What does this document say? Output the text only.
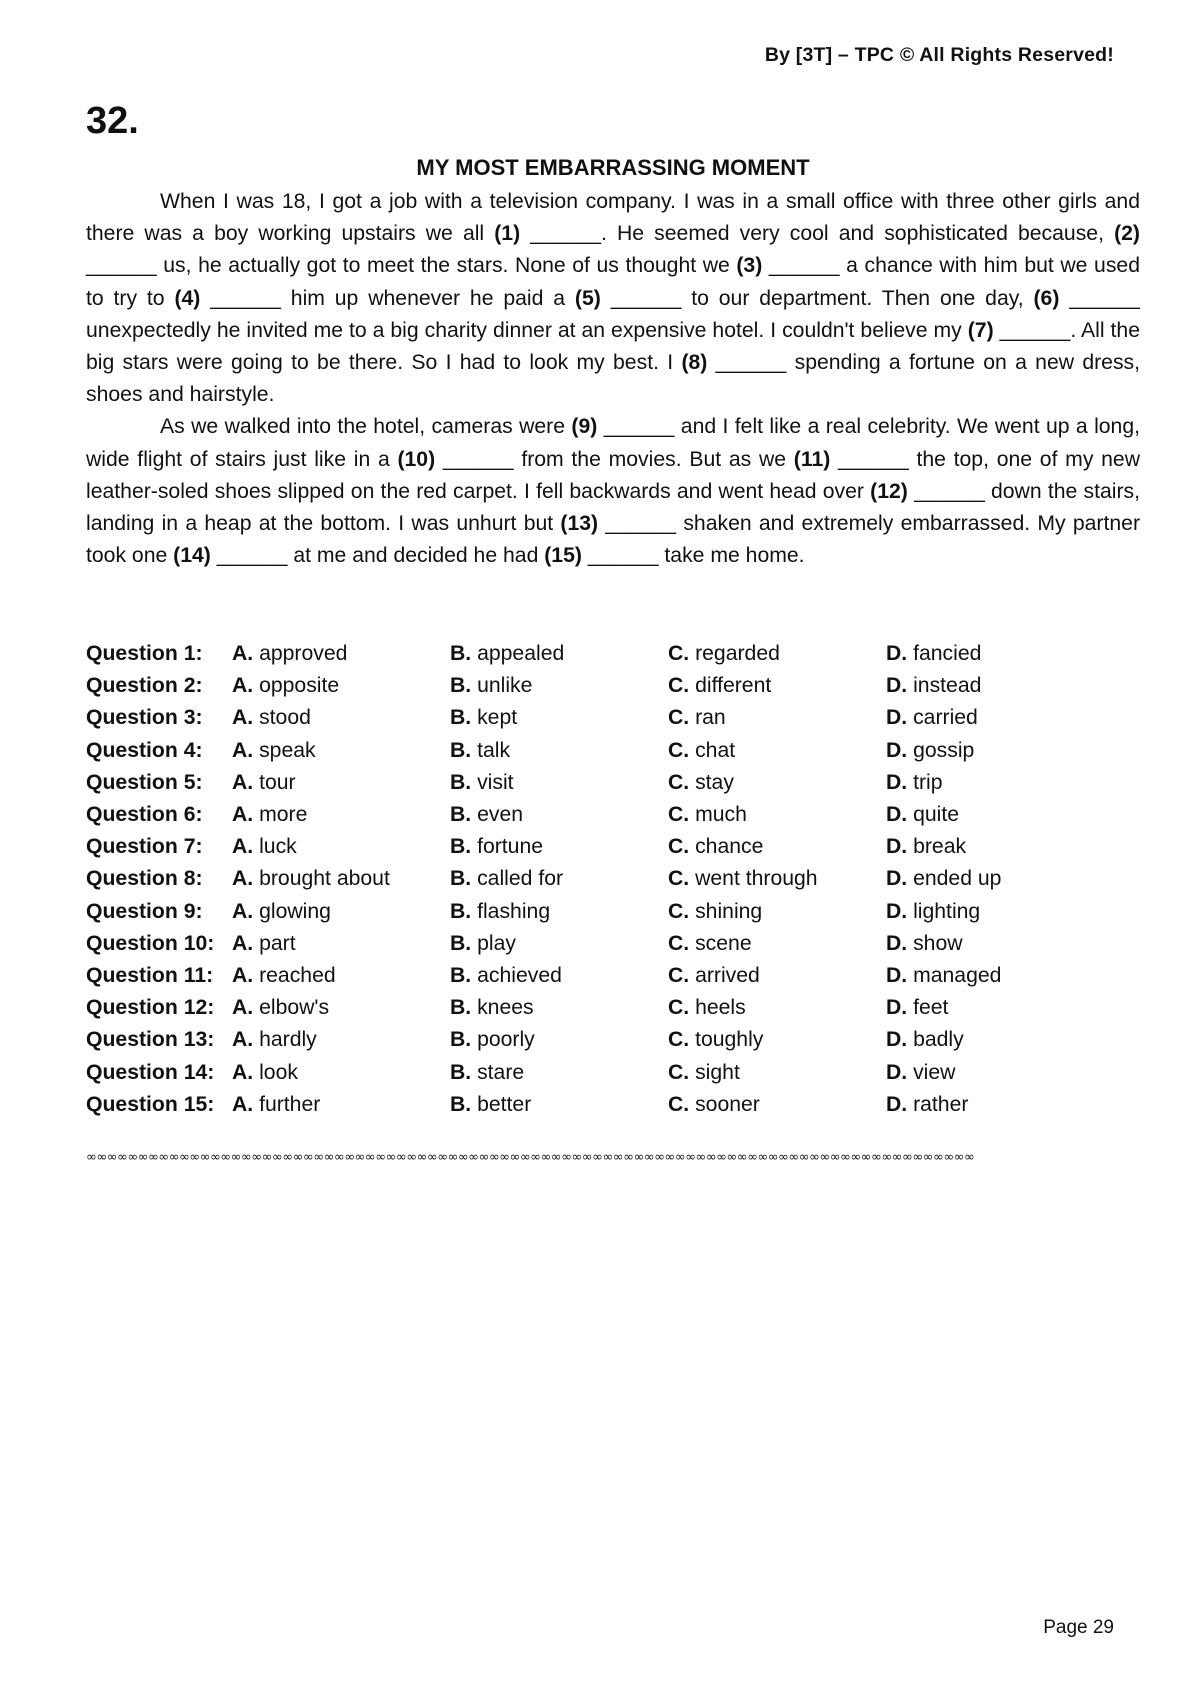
By [3T] – TPC © All Rights Reserved!
32.
MY MOST EMBARRASSING MOMENT

When I was 18, I got a job with a television company. I was in a small office with three other girls and there was a boy working upstairs we all (1) ______. He seemed very cool and sophisticated because, (2) ______ us, he actually got to meet the stars. None of us thought we (3) ______ a chance with him but we used to try to (4) ______ him up whenever he paid a (5) ______ to our department. Then one day, (6) ______ unexpectedly he invited me to a big charity dinner at an expensive hotel. I couldn't believe my (7) ______. All the big stars were going to be there. So I had to look my best. I (8) ______ spending a fortune on a new dress, shoes and hairstyle.

As we walked into the hotel, cameras were (9) ______ and I felt like a real celebrity. We went up a long, wide flight of stairs just like in a (10) ______ from the movies. But as we (11) ______ the top, one of my new leather-soled shoes slipped on the red carpet. I fell backwards and went head over (12) ______ down the stairs, landing in a heap at the bottom. I was unhurt but (13) ______ shaken and extremely embarrassed. My partner took one (14) ______ at me and decided he had (15) ______ take me home.

Question 1:	A. approved	B. appealed	C. regarded	D. fancied
Question 2:	A. opposite	B. unlike	C. different	D. instead
Question 3:	A. stood	B. kept	C. ran	D. carried
Question 4:	A. speak	B. talk	C. chat	D. gossip
Question 5:	A. tour	B. visit	C. stay	D. trip
Question 6:	A. more	B. even	C. much	D. quite
Question 7:	A. luck	B. fortune	C. chance	D. break
Question 8:	A. brought about	B. called for	C. went through	D. ended up
Question 9:	A. glowing	B. flashing	C. shining	D. lighting
Question 10:	A. part	B. play	C. scene	D. show
Question 11:	A. reached	B. achieved	C. arrived	D. managed
Question 12:	A. elbow's	B. knees	C. heels	D. feet
Question 13:	A. hardly	B. poorly	C. toughly	D. badly
Question 14:	A. look	B. stare	C. sight	D. view
Question 15:	A. further	B. better	C. sooner	D. rather
∞∞∞∞∞∞∞∞∞∞∞∞∞∞∞∞∞∞∞∞∞∞∞∞∞∞∞∞∞∞∞∞∞∞∞∞∞∞∞∞∞∞∞∞∞∞∞∞∞∞∞∞∞∞∞∞∞∞∞∞∞∞∞∞∞∞∞∞∞∞∞∞∞∞∞∞∞∞∞∞∞∞∞∞∞∞
Page 29
